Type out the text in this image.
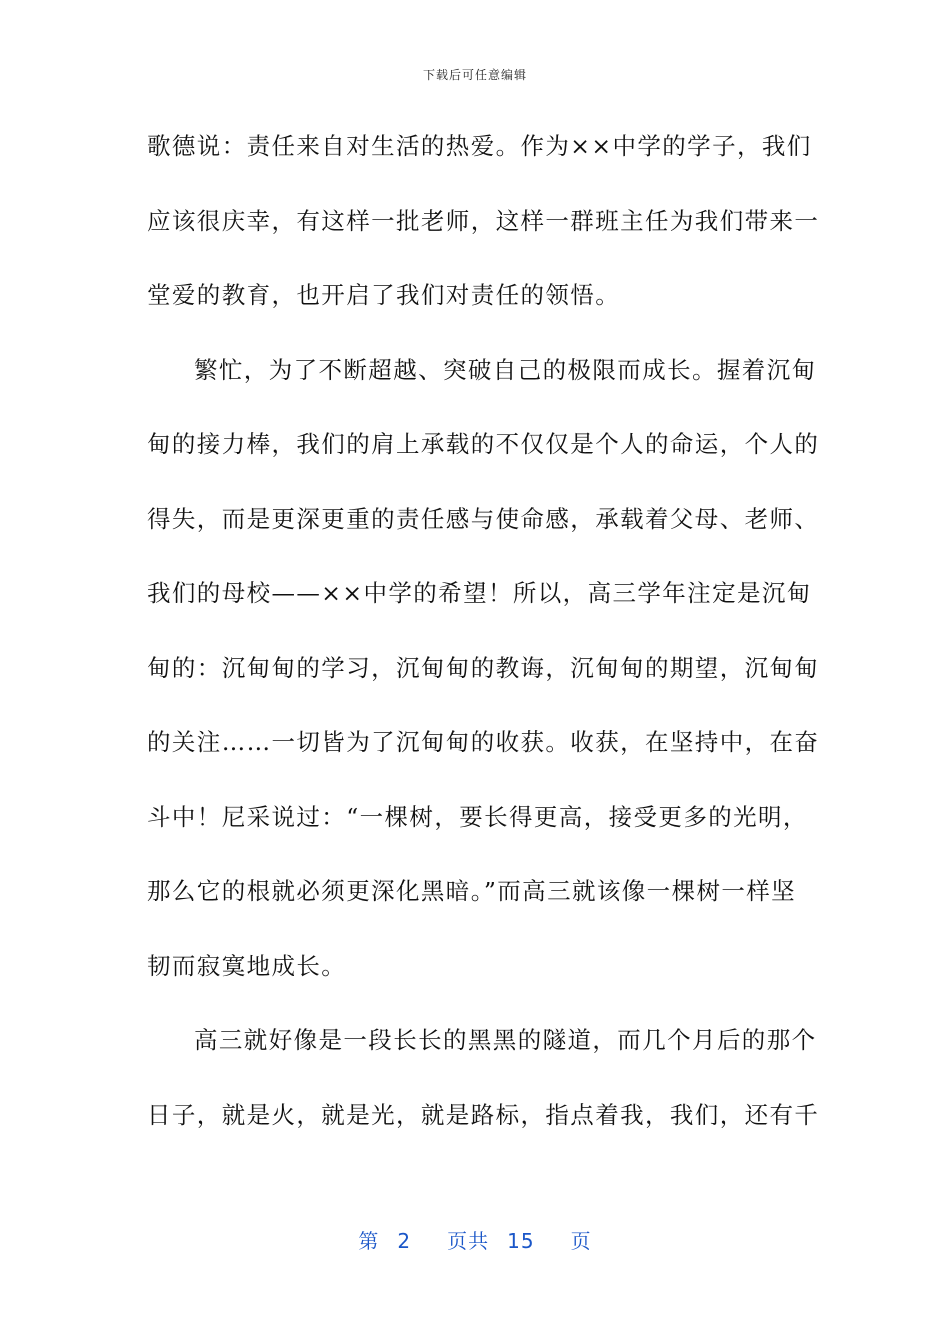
下载后可任意编辑
歌德说：责任来自对生活的热爱。作为××中学的学子，我们
应该很庆幸，有这样一批老师，这样一群班主任为我们带来一
堂爱的教育，也开启了我们对责任的领悟。
繁忙，为了不断超越、突破自己的极限而成长。握着沉甸
甸的接力棒，我们的肩上承载的不仅仅是个人的命运，个人的
得失，而是更深更重的责任感与使命感，承载着父母、老师、
我们的母校——××中学的希望！所以，高三学年注定是沉甸
甸的：沉甸甸的学习，沉甸甸的教诲，沉甸甸的期望，沉甸甸
的关注……一切皆为了沉甸甸的收获。收获，在坚持中，在奋
斗中！尼采说过：“一棵树，要长得更高，接受更多的光明，
那么它的根就必须更深化黑暗。”而高三就该像一棵树一样坚
韧而寂寞地成长。
高三就好像是一段长长的黑黑的隧道，而几个月后的那个
日子，就是火，就是光，就是路标，指点着我，我们，还有千
第 2 页共 15 页
